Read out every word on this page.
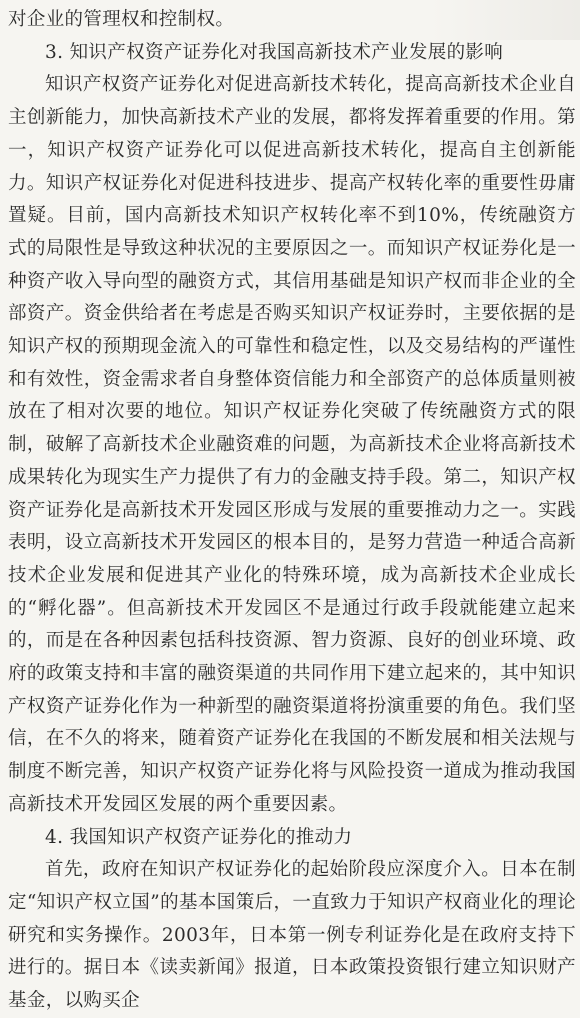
对企业的管理权和控制权。

3. 知识产权资产证券化对我国高新技术产业发展的影响

知识产权资产证券化对促进高新技术转化，提高高新技术企业自主创新能力，加快高新技术产业的发展，都将发挥着重要的作用。第一，知识产权资产证券化可以促进高新技术转化，提高自主创新能力。知识产权证券化对促进科技进步、提高产权转化率的重要性毋庸置疑。目前，国内高新技术知识产权转化率不到10%，传统融资方式的局限性是导致这种状况的主要原因之一。而知识产权证券化是一种资产收入导向型的融资方式，其信用基础是知识产权而非企业的全部资产。资金供给者在考虑是否购买知识产权证券时，主要依据的是知识产权的预期现金流入的可靠性和稳定性，以及交易结构的严谨性和有效性，资金需求者自身整体资信能力和全部资产的总体质量则被放在了相对次要的地位。知识产权证券化突破了传统融资方式的限制，破解了高新技术企业融资难的问题，为高新技术企业将高新技术成果转化为现实生产力提供了有力的金融支持手段。第二，知识产权资产证券化是高新技术开发园区形成与发展的重要推动力之一。实践表明，设立高新技术开发园区的根本目的，是努力营造一种适合高新技术企业发展和促进其产业化的特殊环境，成为高新技术企业成长的“孵化器”。但高新技术开发园区不是通过行政手段就能建立起来的，而是在各种因素包括科技资源、智力资源、良好的创业环境、政府的政策支持和丰富的融资渠道的共同作用下建立起来的，其中知识产权资产证券化作为一种新型的融资渠道将扮演重要的角色。我们坚信，在不久的将来，随着资产证券化在我国的不断发展和相关法规与制度不断完善，知识产权资产证券化将与风险投资一道成为推动我国高新技术开发园区发展的两个重要因素。

4. 我国知识产权资产证券化的推动力

首先，政府在知识产权证券化的起始阶段应深度介入。日本在制定“知识产权立国”的基本国策后，一直致力于知识产权商业化的理论研究和实务操作。2003年，日本第一例专利证券化是在政府支持下进行的。据日本《读卖新闻》报道，日本政策投资银行建立知识财产基金，以购买企
